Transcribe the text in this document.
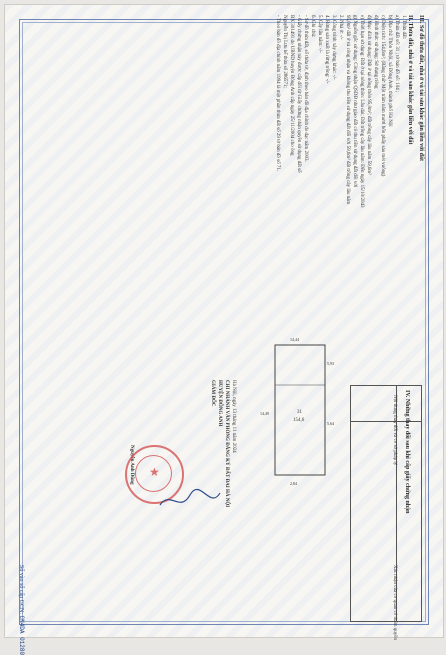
III. Sơ đồ thửa đất, nhà ở và tài sản khác gắn liền với đất
II. Thửa đất, nhà ở và tài sản khác gắn liền với đất
1. Thửa đất:
a) Thửa đất số: 31 ; tờ bản đồ số: 104 ;
b) Địa chỉ: Thôn Nhội, xã Đông Anh, thành phố Hà Nội
c) Diện tích: 154,6m²; (Bằng chữ: Một trăm năm mươi bốn phẩy sáu mét vuông)
d) Hình thức sử dụng: Sử dụng riêng
đ) Mục đích sử dụng: Đất ở tại nông thôn 95,0m²; đất trồng cây lâu năm 59,6m²
e) Thời hạn sử dụng: Đất ở tại nông thôn: Lâu dài; Đất trồng cây lâu năm: Đến ngày 15/10/2043
g) Nguồn gốc sử dụng: Công nhận QSDĐ như giao đất có thu tiền sử dụng đất đối với
95,0m² đất ở và công nhận và không thu tiền sử dụng đất đối với 59,6m² đất trồng cây lâu năm
2. Nhà ở: -/-
3. Công trình xây dựng khác: -/-
4. Rừng sản xuất là rừng trồng: -/-
5. Cây lâu năm: -/-
6. Ghi chú:
- Sơ đồ thửa đất, số thửa tờ, định theo bản đồ địa chính đo đạc năm 2003.
- Giấy chứng nhận này được cấp đổi từ Giấy chứng nhận quyền sử dụng đất số
BX 301491 do UBND huyện Đông Anh cấp ngày 25/11/2004 cho ông
Nguyễn Thị Lưu kế thừa số 286571;
- Theo bản đồ địa chính năm 1994 là một phần thửa đất số 29 tờ bản đồ số 71.
31
154,6
14,49
5,93
5,64
14,44
2,84
Hà Nội, ngày 13 tháng 11 năm 2024
CHI NHÁNH VĂN PHÒNG ĐĂNG KÝ ĐẤT ĐAI HÀ NỘI
HUYỆN ĐÔNG ANH
GIÁM ĐỐC
Nguyễn Anh Dũng ★	IV. Những thay đổi sau khi cấp giấy chứng nhận
Nội dung thay đổi và cơ sở pháp lý
Xác nhận của cơ quan có thẩm quyền
Số vào sổ cấp GCN: CN4DA 01280
